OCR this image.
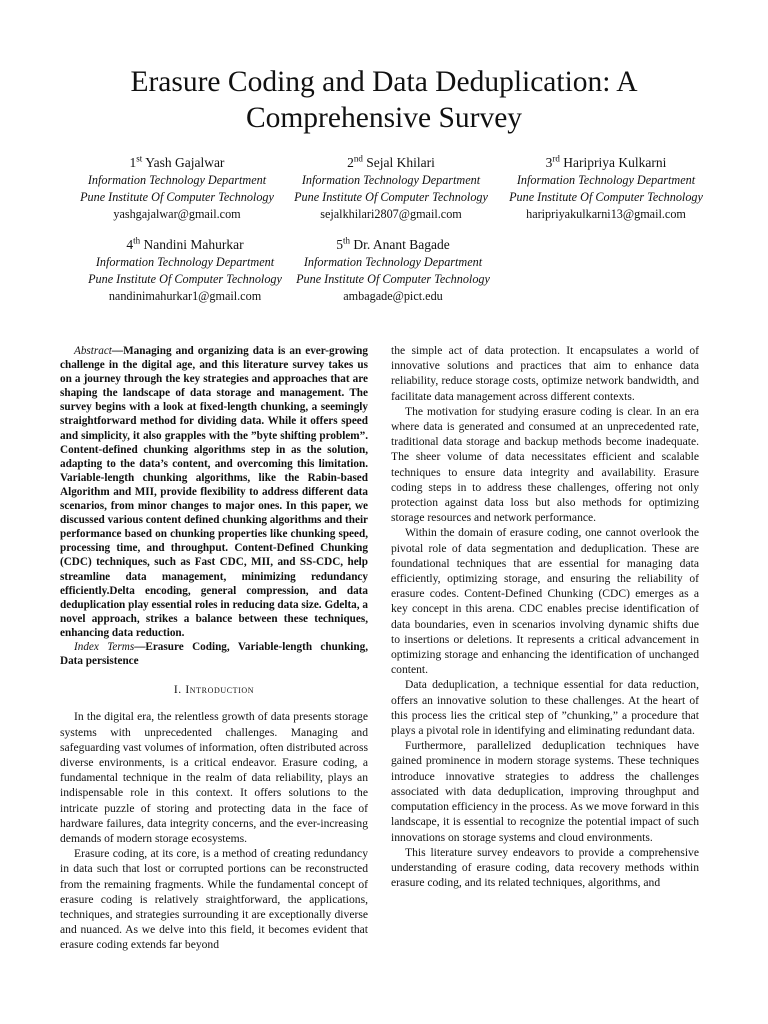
Erasure Coding and Data Deduplication: A Comprehensive Survey
1st Yash Gajalwar
Information Technology Department
Pune Institute Of Computer Technology
yashgajalwar@gmail.com
2nd Sejal Khilari
Information Technology Department
Pune Institute Of Computer Technology
sejalkhilari2807@gmail.com
3rd Haripriya Kulkarni
Information Technology Department
Pune Institute Of Computer Technology
haripriyakulkarni13@gmail.com
4th Nandini Mahurkar
Information Technology Department
Pune Institute Of Computer Technology
nandinimahurkar1@gmail.com
5th Dr. Anant Bagade
Information Technology Department
Pune Institute Of Computer Technology
ambagade@pict.edu

Abstract—Managing and organizing data is an ever-growing challenge in the digital age, and this literature survey takes us on a journey through the key strategies and approaches that are shaping the landscape of data storage and management. The survey begins with a look at fixed-length chunking, a seemingly straightforward method for dividing data. While it offers speed and simplicity, it also grapples with the ”byte shifting problem”. Content-defined chunking algorithms step in as the solution, adapting to the data’s content, and overcoming this limitation. Variable-length chunking algorithms, like the Rabin-based Algorithm and MII, provide flexibility to address different data scenarios, from minor changes to major ones. In this paper, we discussed various content defined chunking algorithms and their performance based on chunking properties like chunking speed, processing time, and throughput. Content-Defined Chunking (CDC) techniques, such as Fast CDC, MII, and SS-CDC, help streamline data management, minimizing redundancy efficiently.Delta encoding, general compression, and data deduplication play essential roles in reducing data size. Gdelta, a novel approach, strikes a balance between these techniques, enhancing data reduction.

Index Terms—Erasure Coding, Variable-length chunking, Data persistence

I. Introduction

In the digital era, the relentless growth of data presents storage systems with unprecedented challenges. Managing and safeguarding vast volumes of information, often distributed across diverse environments, is a critical endeavor. Erasure coding, a fundamental technique in the realm of data reliability, plays an indispensable role in this context. It offers solutions to the intricate puzzle of storing and protecting data in the face of hardware failures, data integrity concerns, and the ever-increasing demands of modern storage ecosystems.

Erasure coding, at its core, is a method of creating redundancy in data such that lost or corrupted portions can be reconstructed from the remaining fragments. While the fundamental concept of erasure coding is relatively straightforward, the applications, techniques, and strategies surrounding it are exceptionally diverse and nuanced. As we delve into this field, it becomes evident that erasure coding extends far beyond

the simple act of data protection. It encapsulates a world of innovative solutions and practices that aim to enhance data reliability, reduce storage costs, optimize network bandwidth, and facilitate data management across different contexts.

The motivation for studying erasure coding is clear. In an era where data is generated and consumed at an unprecedented rate, traditional data storage and backup methods become inadequate. The sheer volume of data necessitates efficient and scalable techniques to ensure data integrity and availability. Erasure coding steps in to address these challenges, offering not only protection against data loss but also methods for optimizing storage resources and network performance.

Within the domain of erasure coding, one cannot overlook the pivotal role of data segmentation and deduplication. These are foundational techniques that are essential for managing data efficiently, optimizing storage, and ensuring the reliability of erasure codes. Content-Defined Chunking (CDC) emerges as a key concept in this arena. CDC enables precise identification of data boundaries, even in scenarios involving dynamic shifts due to insertions or deletions. It represents a critical advancement in optimizing storage and enhancing the identification of unchanged content.

Data deduplication, a technique essential for data reduction, offers an innovative solution to these challenges. At the heart of this process lies the critical step of ”chunking,” a procedure that plays a pivotal role in identifying and eliminating redundant data.

Furthermore, parallelized deduplication techniques have gained prominence in modern storage systems. These techniques introduce innovative strategies to address the challenges associated with data deduplication, improving throughput and computation efficiency in the process. As we move forward in this landscape, it is essential to recognize the potential impact of such innovations on storage systems and cloud environments.

This literature survey endeavors to provide a comprehensive understanding of erasure coding, data recovery methods within erasure coding, and its related techniques, algorithms, and
